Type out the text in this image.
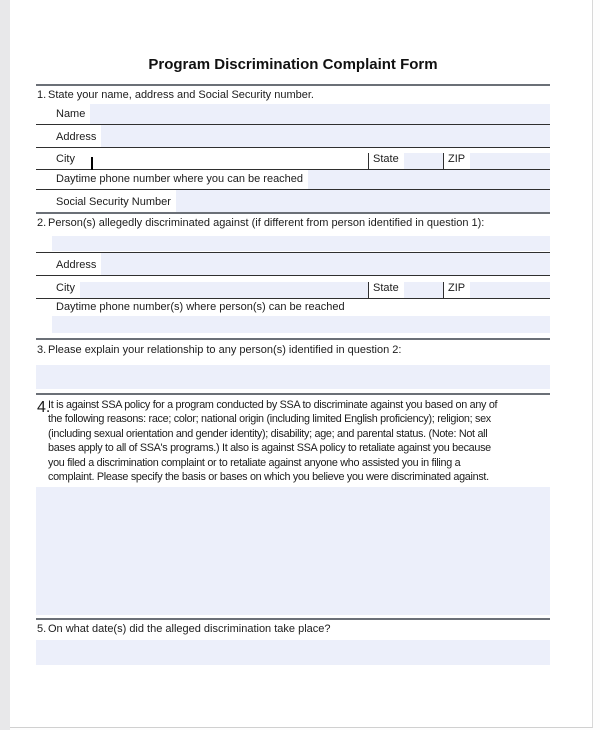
Program Discrimination Complaint Form
1. State your name, address and Social Security number.
Name
Address
City	State	ZIP
Daytime phone number where you can be reached
Social Security Number
2. Person(s) allegedly discriminated against (if different from person identified in question 1):
Address
City	State	ZIP
Daytime phone number(s) where person(s) can be reached
3. Please explain your relationship to any person(s) identified in question 2:
4.
It is against SSA policy for a program conducted by SSA to discriminate against you based on any of
the following reasons: race; color; national origin (including limited English proficiency); religion; sex
(including sexual orientation and gender identity); disability; age; and parental status. (Note: Not all
bases apply to all of SSA's programs.) It also is against SSA policy to retaliate against you because
you filed a discrimination complaint or to retaliate against anyone who assisted you in filing a
complaint. Please specify the basis or bases on which you believe you were discriminated against.
5. On what date(s) did the alleged discrimination take place?
